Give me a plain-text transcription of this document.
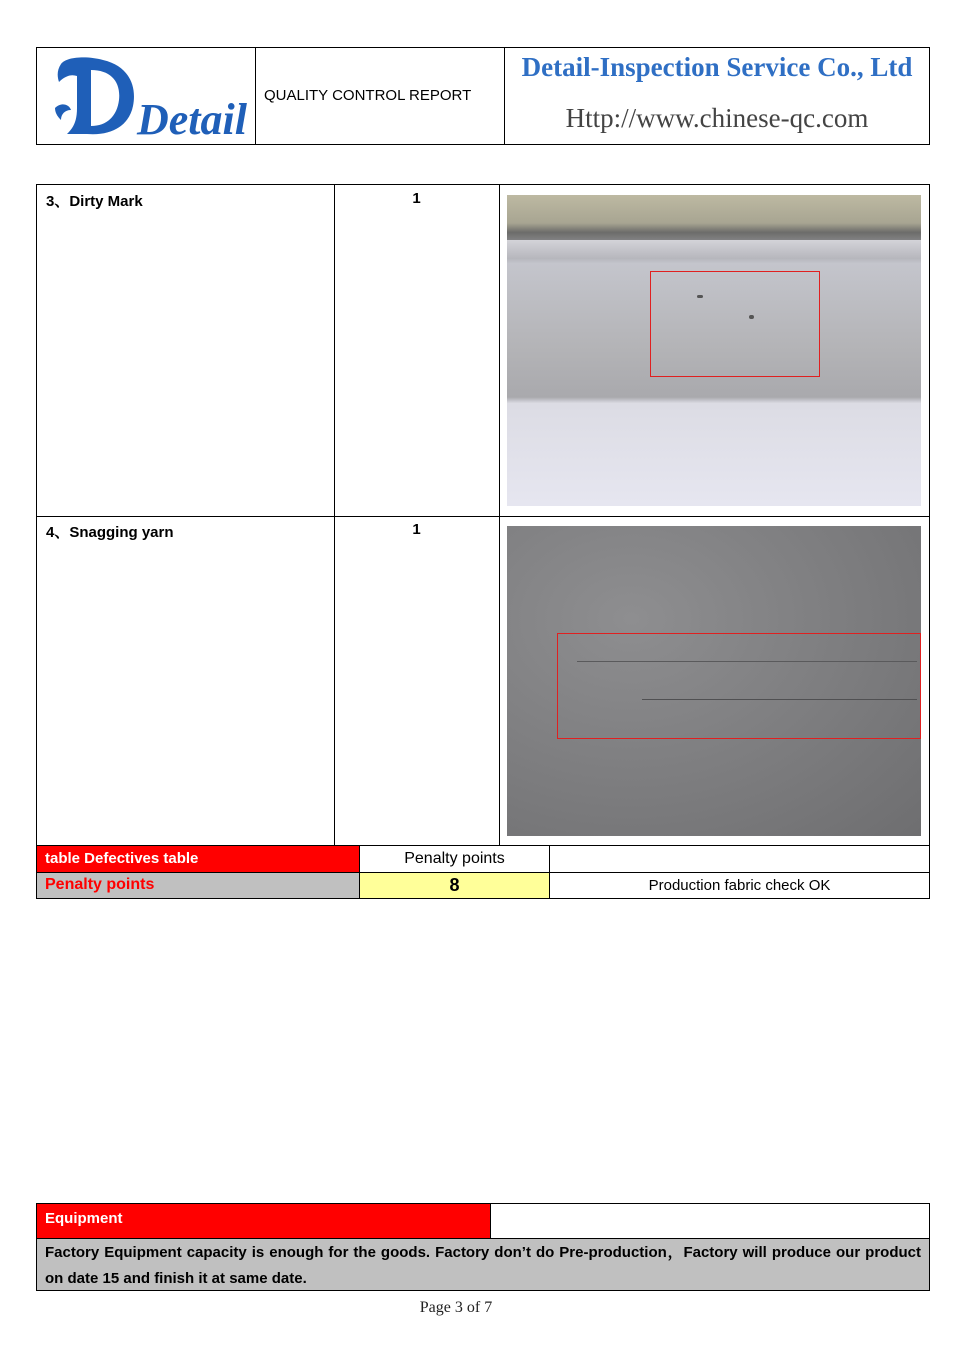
Detail QUALITY CONTROL REPORT
Detail-Inspection Service Co., Ltd
Http://www.chinese-qc.com
3、Dirty Mark	1
4、Snagging yarn	1
table Defectives table	Penalty points
Penalty points	8	Production fabric check OK
Equipment
Factory Equipment capacity is enough for the goods. Factory don’t do Pre-production，Factory will produce our product on date 15 and finish it at same date.
Page 3 of 7
